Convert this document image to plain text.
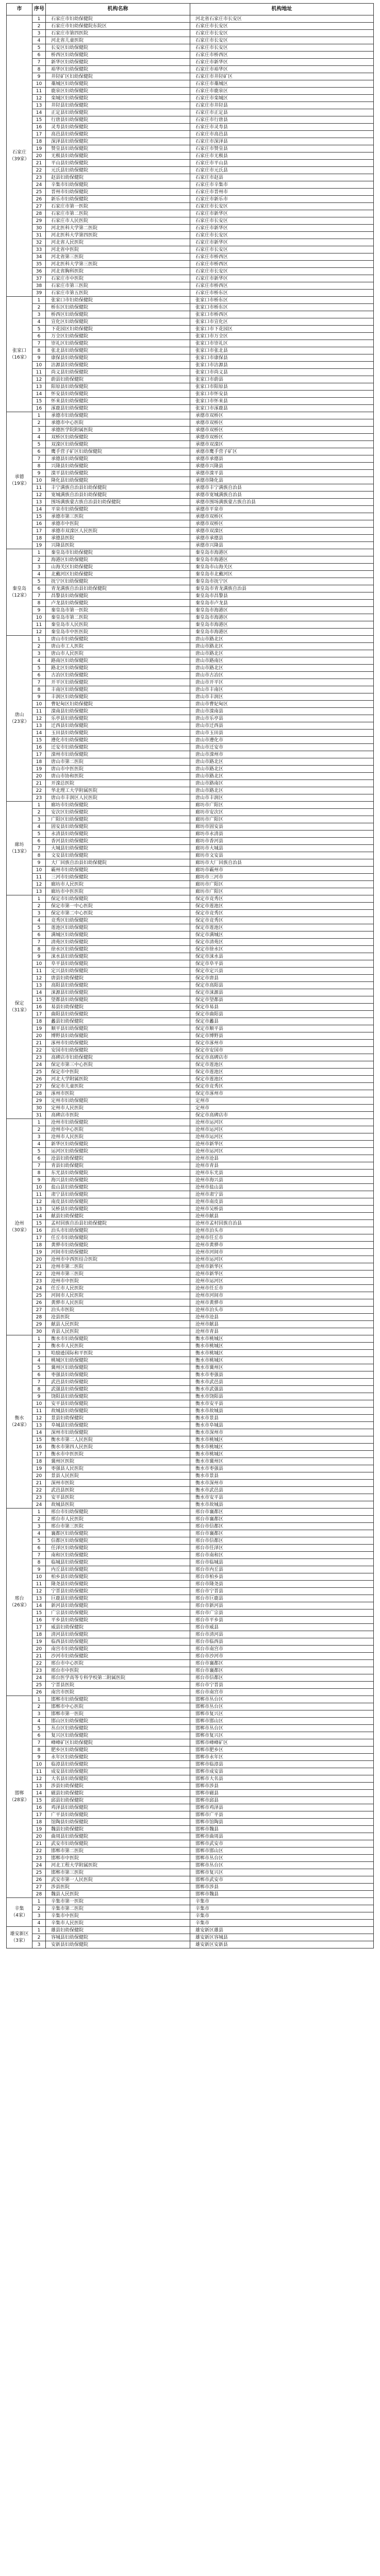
市	序号	机构名称	机构地址
石家庄
（39家）	1	石家庄市妇幼保健院	河北省石家庄市长安区
	2	石家庄市妇幼保健院东院区	石家庄市长安区
	3	石家庄市第四医院	石家庄市长安区
	4	河北省儿童医院	石家庄市长安区
	5	长安区妇幼保健院	石家庄市长安区
	6	桥西区妇幼保健院	石家庄市桥西区
	7	新华区妇幼保健院	石家庄市新华区
	8	裕华区妇幼保健院	石家庄市裕华区
	9	井陉矿区妇幼保健院	石家庄市井陉矿区
	10	藁城区妇幼保健院	石家庄市藁城区
	11	鹿泉区妇幼保健院	石家庄市鹿泉区
	12	栾城区妇幼保健院	石家庄市栾城区
	13	井陉县妇幼保健院	石家庄市井陉县
	14	正定县妇幼保健院	石家庄市正定县
	15	行唐县妇幼保健院	石家庄市行唐县
	16	灵寿县妇幼保健院	石家庄市灵寿县
	17	高邑县妇幼保健院	石家庄市高邑县
	18	深泽县妇幼保健院	石家庄市深泽县
	19	赞皇县妇幼保健院	石家庄市赞皇县
	20	无极县妇幼保健院	石家庄市无极县
	21	平山县妇幼保健院	石家庄市平山县
	22	元氏县妇幼保健院	石家庄市元氏县
	23	赵县妇幼保健院	石家庄市赵县
	24	辛集市妇幼保健院	石家庄市辛集市
	25	晋州市妇幼保健院	石家庄市晋州市
	26	新乐市妇幼保健院	石家庄市新乐市
	27	石家庄市第一医院	石家庄市长安区
	28	石家庄市第二医院	石家庄市新华区
	29	石家庄市人民医院	石家庄市长安区
	30	河北医科大学第二医院	石家庄市新华区
	31	河北医科大学第四医院	石家庄市长安区
	32	河北省人民医院	石家庄市新华区
	33	河北省中医院	石家庄市长安区
	34	河北省第三医院	石家庄市桥西区
	35	河北医科大学第三医院	石家庄市桥西区
	36	河北省胸科医院	石家庄市长安区
	37	石家庄市中医院	石家庄市新华区
	38	石家庄市第三医院	石家庄市桥西区
	39	石家庄市第五医院	石家庄市桥东区
张家口
（16家）	1	张家口市妇幼保健院	张家口市桥东区
	2	桥东区妇幼保健院	张家口市桥东区
	3	桥西区妇幼保健院	张家口市桥西区
	4	宣化区妇幼保健院	张家口市宣化区
	5	下花园区妇幼保健院	张家口市下花园区
	6	万全区妇幼保健院	张家口市万全区
	7	崇礼区妇幼保健院	张家口市崇礼区
	8	张北县妇幼保健院	张家口市张北县
	9	康保县妇幼保健院	张家口市康保县
	10	沽源县妇幼保健院	张家口市沽源县
	11	尚义县妇幼保健院	张家口市尚义县
	12	蔚县妇幼保健院	张家口市蔚县
	13	阳原县妇幼保健院	张家口市阳原县
	14	怀安县妇幼保健院	张家口市怀安县
	15	怀来县妇幼保健院	张家口市怀来县
	16	涿鹿县妇幼保健院	张家口市涿鹿县
承德
（19家）	1	承德市妇幼保健院	承德市双桥区
	2	承德市中心医院	承德市双桥区
	3	承德医学院附属医院	承德市双桥区
	4	双桥区妇幼保健院	承德市双桥区
	5	双滦区妇幼保健院	承德市双滦区
	6	鹰手营子矿区妇幼保健院	承德市鹰手营子矿区
	7	承德县妇幼保健院	承德市承德县
	8	兴隆县妇幼保健院	承德市兴隆县
	9	滦平县妇幼保健院	承德市滦平县
	10	隆化县妇幼保健院	承德市隆化县
	11	丰宁满族自治县妇幼保健院	承德市丰宁满族自治县
	12	宽城满族自治县妇幼保健院	承德市宽城满族自治县
	13	围场满族蒙古族自治县妇幼保健院	承德市围场满族蒙古族自治县
	14	平泉市妇幼保健院	承德市平泉市
	15	承德市第三医院	承德市双桥区
	16	承德市中医院	承德市双桥区
	17	承德市双滦区人民医院	承德市双滦区
	18	承德县医院	承德市承德县
	19	兴隆县医院	承德市兴隆县
秦皇岛
（12家）	1	秦皇岛市妇幼保健院	秦皇岛市海港区
	2	海港区妇幼保健院	秦皇岛市海港区
	3	山海关区妇幼保健院	秦皇岛市山海关区
	4	北戴河区妇幼保健院	秦皇岛市北戴河区
	5	抚宁区妇幼保健院	秦皇岛市抚宁区
	6	青龙满族自治县妇幼保健院	秦皇岛市青龙满族自治县
	7	昌黎县妇幼保健院	秦皇岛市昌黎县
	8	卢龙县妇幼保健院	秦皇岛市卢龙县
	9	秦皇岛市第一医院	秦皇岛市海港区
	10	秦皇岛市第二医院	秦皇岛市海港区
	11	秦皇岛市人民医院	秦皇岛市海港区
	12	秦皇岛市中医医院	秦皇岛市海港区
唐山
（23家）	1	唐山市妇幼保健院	唐山市路北区
	2	唐山市工人医院	唐山市路北区
	3	唐山市人民医院	唐山市路北区
	4	路南区妇幼保健院	唐山市路南区
	5	路北区妇幼保健院	唐山市路北区
	6	古冶区妇幼保健院	唐山市古冶区
	7	开平区妇幼保健院	唐山市开平区
	8	丰南区妇幼保健院	唐山市丰南区
	9	丰润区妇幼保健院	唐山市丰润区
	10	曹妃甸区妇幼保健院	唐山市曹妃甸区
	11	滦南县妇幼保健院	唐山市滦南县
	12	乐亭县妇幼保健院	唐山市乐亭县
	13	迁西县妇幼保健院	唐山市迁西县
	14	玉田县妇幼保健院	唐山市玉田县
	15	遵化市妇幼保健院	唐山市遵化市
	16	迁安市妇幼保健院	唐山市迁安市
	17	滦州市妇幼保健院	唐山市滦州市
	18	唐山市第二医院	唐山市路北区
	19	唐山市中医医院	唐山市路北区
	20	唐山市协和医院	唐山市路北区
	21	开滦总医院	唐山市路南区
	22	华北理工大学附属医院	唐山市路北区
	23	唐山市丰润区人民医院	唐山市丰润区
廊坊
（13家）	1	廊坊市妇幼保健院	廊坊市广阳区
	2	安次区妇幼保健院	廊坊市安次区
	3	广阳区妇幼保健院	廊坊市广阳区
	4	固安县妇幼保健院	廊坊市固安县
	5	永清县妇幼保健院	廊坊市永清县
	6	香河县妇幼保健院	廊坊市香河县
	7	大城县妇幼保健院	廊坊市大城县
	8	文安县妇幼保健院	廊坊市文安县
	9	大厂回族自治县妇幼保健院	廊坊市大厂回族自治县
	10	霸州市妇幼保健院	廊坊市霸州市
	11	三河市妇幼保健院	廊坊市三河市
	12	廊坊市人民医院	廊坊市广阳区
	13	廊坊市中医医院	廊坊市广阳区
保定
（31家）	1	保定市妇幼保健院	保定市竞秀区
	2	保定市第一中心医院	保定市莲池区
	3	保定市第二中心医院	保定市竞秀区
	4	竞秀区妇幼保健院	保定市竞秀区
	5	莲池区妇幼保健院	保定市莲池区
	6	满城区妇幼保健院	保定市满城区
	7	清苑区妇幼保健院	保定市清苑区
	8	徐水区妇幼保健院	保定市徐水区
	9	涞水县妇幼保健院	保定市涞水县
	10	阜平县妇幼保健院	保定市阜平县
	11	定兴县妇幼保健院	保定市定兴县
	12	唐县妇幼保健院	保定市唐县
	13	高阳县妇幼保健院	保定市高阳县
	14	涞源县妇幼保健院	保定市涞源县
	15	望都县妇幼保健院	保定市望都县
	16	易县妇幼保健院	保定市易县
	17	曲阳县妇幼保健院	保定市曲阳县
	18	蠡县妇幼保健院	保定市蠡县
	19	顺平县妇幼保健院	保定市顺平县
	20	博野县妇幼保健院	保定市博野县
	21	涿州市妇幼保健院	保定市涿州市
	22	安国市妇幼保健院	保定市安国市
	23	高碑店市妇幼保健院	保定市高碑店市
	24	保定市第三中心医院	保定市莲池区
	25	保定市中医院	保定市莲池区
	26	河北大学附属医院	保定市莲池区
	27	保定市儿童医院	保定市竞秀区
	28	涿州市医院	保定市涿州市
	29	定州市妇幼保健院	定州市
	30	定州市人民医院	定州市
	31	高碑店市医院	保定市高碑店市
沧州
（30家）	1	沧州市妇幼保健院	沧州市运河区
	2	沧州市中心医院	沧州市运河区
	3	沧州市人民医院	沧州市运河区
	4	新华区妇幼保健院	沧州市新华区
	5	运河区妇幼保健院	沧州市运河区
	6	沧县妇幼保健院	沧州市沧县
	7	青县妇幼保健院	沧州市青县
	8	东光县妇幼保健院	沧州市东光县
	9	海兴县妇幼保健院	沧州市海兴县
	10	盐山县妇幼保健院	沧州市盐山县
	11	肃宁县妇幼保健院	沧州市肃宁县
	12	南皮县妇幼保健院	沧州市南皮县
	13	吴桥县妇幼保健院	沧州市吴桥县
	14	献县妇幼保健院	沧州市献县
	15	孟村回族自治县妇幼保健院	沧州市孟村回族自治县
	16	泊头市妇幼保健院	沧州市泊头市
	17	任丘市妇幼保健院	沧州市任丘市
	18	黄骅市妇幼保健院	沧州市黄骅市
	19	河间市妇幼保健院	沧州市河间市
	20	沧州市中西医结合医院	沧州市运河区
	21	沧州市第二医院	沧州市新华区
	22	沧州市第三医院	沧州市新华区
	23	沧州市中医院	沧州市运河区
	24	任丘市人民医院	沧州市任丘市
	25	河间市人民医院	沧州市河间市
	26	黄骅市人民医院	沧州市黄骅市
	27	泊头市医院	沧州市泊头市
	28	沧县医院	沧州市沧县
	29	献县人民医院	沧州市献县
	30	青县人民医院	沧州市青县
衡水
（24家）	1	衡水市妇幼保健院	衡水市桃城区
	2	衡水市人民医院	衡水市桃城区
	3	哈励逊国际和平医院	衡水市桃城区
	4	桃城区妇幼保健院	衡水市桃城区
	5	冀州区妇幼保健院	衡水市冀州区
	6	枣强县妇幼保健院	衡水市枣强县
	7	武邑县妇幼保健院	衡水市武邑县
	8	武强县妇幼保健院	衡水市武强县
	9	饶阳县妇幼保健院	衡水市饶阳县
	10	安平县妇幼保健院	衡水市安平县
	11	故城县妇幼保健院	衡水市故城县
	12	景县妇幼保健院	衡水市景县
	13	阜城县妇幼保健院	衡水市阜城县
	14	深州市妇幼保健院	衡水市深州市
	15	衡水市第二人民医院	衡水市桃城区
	16	衡水市第四人民医院	衡水市桃城区
	17	衡水市中医医院	衡水市桃城区
	18	冀州区医院	衡水市冀州区
	19	枣强县人民医院	衡水市枣强县
	20	景县人民医院	衡水市景县
	21	深州市医院	衡水市深州市
	22	武邑县医院	衡水市武邑县
	23	安平县医院	衡水市安平县
	24	故城县医院	衡水市故城县
邢台
（26家）	1	邢台市妇幼保健院	邢台市襄都区
	2	邢台市人民医院	邢台市襄都区
	3	邢台市第三医院	邢台市信都区
	4	襄都区妇幼保健院	邢台市襄都区
	5	信都区妇幼保健院	邢台市信都区
	6	任泽区妇幼保健院	邢台市任泽区
	7	南和区妇幼保健院	邢台市南和区
	8	临城县妇幼保健院	邢台市临城县
	9	内丘县妇幼保健院	邢台市内丘县
	10	柏乡县妇幼保健院	邢台市柏乡县
	11	隆尧县妇幼保健院	邢台市隆尧县
	12	宁晋县妇幼保健院	邢台市宁晋县
	13	巨鹿县妇幼保健院	邢台市巨鹿县
	14	新河县妇幼保健院	邢台市新河县
	15	广宗县妇幼保健院	邢台市广宗县
	16	平乡县妇幼保健院	邢台市平乡县
	17	威县妇幼保健院	邢台市威县
	18	清河县妇幼保健院	邢台市清河县
	19	临西县妇幼保健院	邢台市临西县
	20	南宫市妇幼保健院	邢台市南宫市
	21	沙河市妇幼保健院	邢台市沙河市
	22	邢台市中心医院	邢台市襄都区
	23	邢台市中医院	邢台市襄都区
	24	邢台医学高等专科学校第二附属医院	邢台市信都区
	25	宁晋县医院	邢台市宁晋县
	26	南宫市医院	邢台市南宫市
邯郸
（28家）	1	邯郸市妇幼保健院	邯郸市丛台区
	2	邯郸市中心医院	邯郸市丛台区
	3	邯郸市第一医院	邯郸市复兴区
	4	邯山区妇幼保健院	邯郸市邯山区
	5	丛台区妇幼保健院	邯郸市丛台区
	6	复兴区妇幼保健院	邯郸市复兴区
	7	峰峰矿区妇幼保健院	邯郸市峰峰矿区
	8	肥乡区妇幼保健院	邯郸市肥乡区
	9	永年区妇幼保健院	邯郸市永年区
	10	临漳县妇幼保健院	邯郸市临漳县
	11	成安县妇幼保健院	邯郸市成安县
	12	大名县妇幼保健院	邯郸市大名县
	13	涉县妇幼保健院	邯郸市涉县
	14	磁县妇幼保健院	邯郸市磁县
	15	邱县妇幼保健院	邯郸市邱县
	16	鸡泽县妇幼保健院	邯郸市鸡泽县
	17	广平县妇幼保健院	邯郸市广平县
	18	馆陶县妇幼保健院	邯郸市馆陶县
	19	魏县妇幼保健院	邯郸市魏县
	20	曲周县妇幼保健院	邯郸市曲周县
	21	武安市妇幼保健院	邯郸市武安市
	22	邯郸市第二医院	邯郸市邯山区
	23	邯郸市中医院	邯郸市丛台区
	24	河北工程大学附属医院	邯郸市丛台区
	25	邯郸市第三医院	邯郸市复兴区
	26	武安市第一人民医院	邯郸市武安市
	27	涉县医院	邯郸市涉县
	28	魏县人民医院	邯郸市魏县
辛集
（4家）	1	辛集市第一医院	辛集市
	2	辛集市第二医院	辛集市
	3	辛集市中医院	辛集市
	4	辛集市人民医院	辛集市
雄安新区
（3家）	1	雄县妇幼保健院	雄安新区雄县
	2	容城县妇幼保健院	雄安新区容城县
	3	安新县妇幼保健院	雄安新区安新县
